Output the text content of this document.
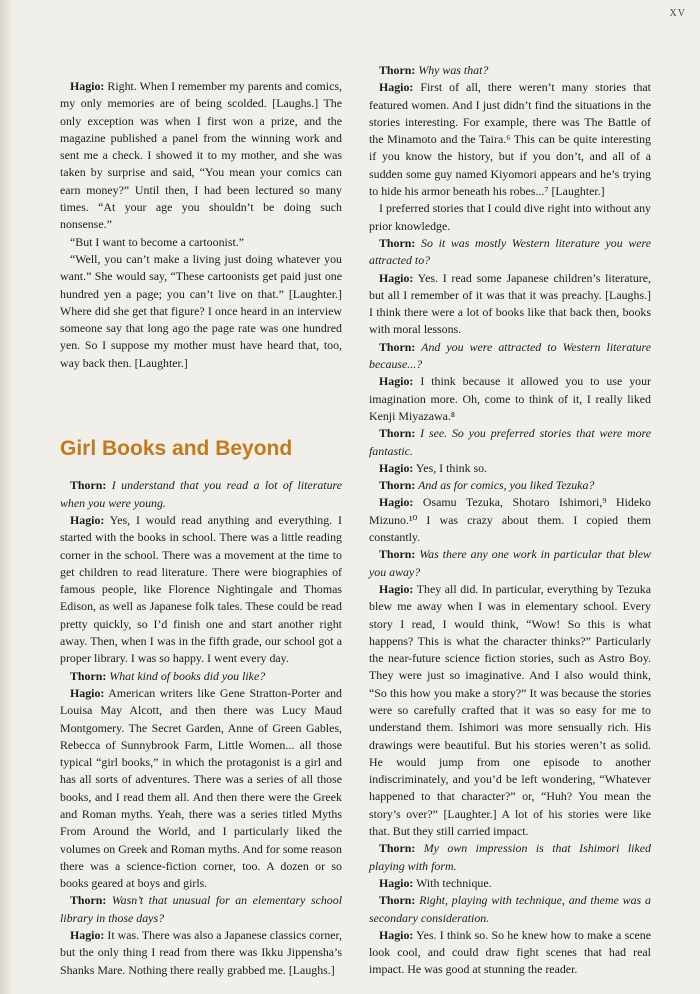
XV

Hagio: Right. When I remember my parents and comics, my only memories are of being scolded. [Laughs.] The only exception was when I first won a prize, and the magazine published a panel from the winning work and sent me a check. I showed it to my mother, and she was taken by surprise and said, “You mean your comics can earn money?” Until then, I had been lectured so many times. “At your age you shouldn’t be doing such nonsense.”

“But I want to become a cartoonist.”

“Well, you can’t make a living just doing whatever you want.” She would say, “These cartoonists get paid just one hundred yen a page; you can’t live on that.” [Laughter.] Where did she get that figure? I once heard in an interview someone say that long ago the page rate was one hundred yen. So I suppose my mother must have heard that, too, way back then. [Laughter.]

Girl Books and Beyond

Thorn: I understand that you read a lot of literature when you were young.

Hagio: Yes, I would read anything and everything. I started with the books in school. There was a little reading corner in the school. There was a movement at the time to get children to read literature. There were biographies of famous people, like Florence Nightingale and Thomas Edison, as well as Japanese folk tales. These could be read pretty quickly, so I’d finish one and start another right away. Then, when I was in the fifth grade, our school got a proper library. I was so happy. I went every day.

Thorn: What kind of books did you like?

Hagio: American writers like Gene Stratton-Porter and Louisa May Alcott, and then there was Lucy Maud Montgomery. The Secret Garden, Anne of Green Gables, Rebecca of Sunnybrook Farm, Little Women... all those typical “girl books,” in which the protagonist is a girl and has all sorts of adventures. There was a series of all those books, and I read them all. And then there were the Greek and Roman myths. Yeah, there was a series titled Myths From Around the World, and I particularly liked the volumes on Greek and Roman myths. And for some reason there was a science-fiction corner, too. A dozen or so books geared at boys and girls.

Thorn: Wasn’t that unusual for an elementary school library in those days?

Hagio: It was. There was also a Japanese classics corner, but the only thing I read from there was Ikku Jippensha’s Shanks Mare. Nothing there really grabbed me. [Laughs.]

Thorn: Why was that?

Hagio: First of all, there weren’t many stories that featured women. And I just didn’t find the situations in the stories interesting. For example, there was The Battle of the Minamoto and the Taira.⁶ This can be quite interesting if you know the history, but if you don’t, and all of a sudden some guy named Kiyomori appears and he’s trying to hide his armor beneath his robes...⁷ [Laughter.]

I preferred stories that I could dive right into without any prior knowledge.

Thorn: So it was mostly Western literature you were attracted to?

Hagio: Yes. I read some Japanese children’s literature, but all I remember of it was that it was preachy. [Laughs.] I think there were a lot of books like that back then, books with moral lessons.

Thorn: And you were attracted to Western literature because...?

Hagio: I think because it allowed you to use your imagination more. Oh, come to think of it, I really liked Kenji Miyazawa.⁸

Thorn: I see. So you preferred stories that were more fantastic.

Hagio: Yes, I think so.

Thorn: And as for comics, you liked Tezuka?

Hagio: Osamu Tezuka, Shotaro Ishimori,⁹ Hideko Mizuno.¹⁰ I was crazy about them. I copied them constantly.

Thorn: Was there any one work in particular that blew you away?

Hagio: They all did. In particular, everything by Tezuka blew me away when I was in elementary school. Every story I read, I would think, “Wow! So this is what happens? This is what the character thinks?” Particularly the near-future science fiction stories, such as Astro Boy. They were just so imaginative. And I also would think, “So this how you make a story?” It was because the stories were so carefully crafted that it was so easy for me to understand them. Ishimori was more sensually rich. His drawings were beautiful. But his stories weren’t as solid. He would jump from one episode to another indiscriminately, and you’d be left wondering, “Whatever happened to that character?” or, “Huh? You mean the story’s over?” [Laughter.] A lot of his stories were like that. But they still carried impact.

Thorn: My own impression is that Ishimori liked playing with form.

Hagio: With technique.

Thorn: Right, playing with technique, and theme was a secondary consideration.

Hagio: Yes. I think so. So he knew how to make a scene look cool, and could draw fight scenes that had real impact. He was good at stunning the reader.
